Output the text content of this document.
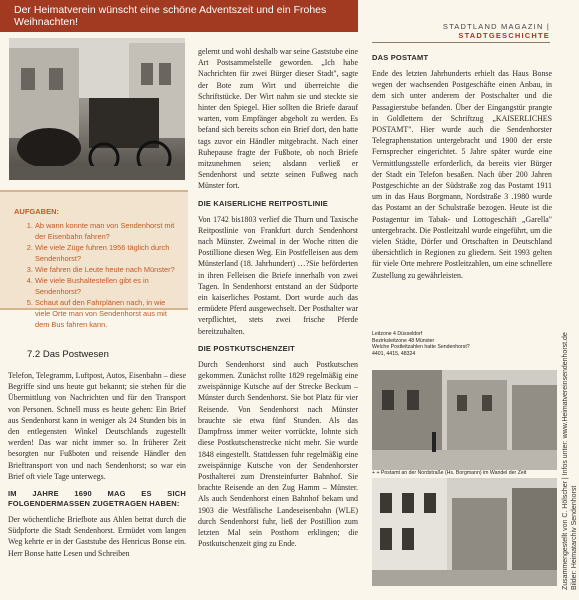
Der Heimatverein wünscht eine schöne Adventszeit und ein Frohes Weihnachten!	STADTLAND MAGAZIN | STADTGESCHICHTE
AUFGABEN:
1. Ab wann konnte man von Sendenhorst mit der Eisenbahn fahren?
2. Wie viele Züge fuhren 1956 täglich durch Sendenhorst?
3. Wie fahren die Leute heute nach Münster?
4. Wie viele Bushaltestellen gibt es in Sendenhorst?
5. Schaut auf den Fahrplänen nach, in wie viele Orte man von Sendenhorst aus mit dem Bus fahren kann.
7.2 Das Postwesen

Telefon, Telegramm, Luftpost, Autos, Eisenbahn – diese Begriffe sind uns heute gut bekannt; sie stehen für die Übermittlung von Nachrichten und für den Transport von Personen. Schnell muss es heute gehen: Ein Brief aus Sendenhorst kann in weniger als 24 Stunden bis in den entlegensten Winkel Deutschlands zugestellt werden! Das war nicht immer so. In früherer Zeit besorgten nur Fußboten und reisende Händler den Brieftransport von und nach Sendenhorst; so war ein Brief oft viele Tage unterwegs.

IM JAHRE 1690 MAG ES SICH FOLGENDERMASSEN ZUGETRAGEN HABEN:

Der wöchentliche Briefbote aus Ahlen betrat durch die Südpforte die Stadt Sendenhorst. Ermüdet vom langen Weg kehrte er in der Gaststube des Henricus Bonse ein. Herr Bonse hatte Lesen und Schreiben

gelernt und wohl deshalb war seine Gaststube eine Art Postsammelstelle geworden. „Ich habe Nachrichten für zwei Bürger dieser Stadt", sagte der Bote zum Wirt und überreichte die Schriftstücke. Der Wirt nahm sie und steckte sie hinter den Spiegel. Hier sollten die Briefe darauf warten, vom Empfänger abgeholt zu werden. Es befand sich bereits schon ein Brief dort, den hatte tags zuvor ein Händler mitgebracht. Nach einer Ruhepause fragte der Fußbote, ob noch Briefe mitzunehmen seien; alsdann verließ er Sendenhorst und setzte seinen Fußweg nach Münster fort.

DIE KAISERLICHE REITPOSTLINIE

Von 1742 bis1803 verlief die Thurn und Taxische Reitpostlinie von Frankfurt durch Sendenhorst nach Münster. Zweimal in der Woche ritten die Postillione diesen Weg. Ein Postfelleisen aus dem Münsterland (18. Jahrhundert) …?Sie beförderten in ihren Felleisen die Briefe innerhalb von zwei Tagen. In Sendenhorst entstand an der Südporte ein kaiserliches Postamt. Dort wurde auch das ermüdete Pferd ausgewechselt. Der Posthalter war verpflichtet, stets zwei frische Pferde bereitzuhalten.

DIE POSTKUTSCHENZEIT

Durch Sendenhorst sind auch Postkutschen gekommen. Zunächst rollte 1829 regelmäßig eine zweispännige Kutsche auf der Strecke Beckum – Münster durch Sendenhorst. Sie bot Platz für vier Reisende. Von Sendenhorst nach Münster brauchte sie etwa fünf Stunden. Als das Dampfross immer weiter vorrückte, lohnte sich diese Postkutschenstrecke nicht mehr. Sie wurde 1848 eingestellt. Stattdessen fuhr regelmäßig eine zweispännige Kutsche von der Sendenhorster Posthalterei zum Drensteinfurter Bahnhof. Sie brachte Reisende an den Zug Hamm – Münster. Als auch Sendenhorst einen Bahnhof bekam und 1903 die Westfälische Landeseisenbahn (WLE) durch Sendenhorst fuhr, ließ der Postillion zum letzten Mal sein Posthorn erklingen; die Postkutschenzeit ging zu Ende.

DAS POSTAMT

Ende des letzten Jahrhunderts erhielt das Haus Bonse wegen der wachsenden Postgeschäfte einen Anbau, in dem sich unter anderem der Postschalter und die Passagierstube befanden. Über der Eingangstür prangte in Goldlettern der Schriftzug „KAISERLICHES POSTAMT". Hier wurde auch die Sendenhorster Telegraphenstation untergebracht und 1900 der erste Fernsprecher eingerichtet. 5 Jahre später wurde eine Vermittlungsstelle erforderlich, da bereits vier Bürger der Stadt ein Telefon besaßen. Nach über 200 Jahren Postgeschichte an der Südstraße zog das Postamt 1911 um in das Haus Borgmann, Nordstraße 3 .1980 wurde das Postamt an der Schulstraße bezogen. Heute ist die Postagentur im Tabak- und Lottogeschäft „Garella" untergebracht. Die Postleitzahl wurde eingeführt, um die vielen Städte, Dörfer und Ortschaften in Deutschland übersichtlich in Regionen zu gliedern. Seit 1993 gelten für viele Orte mehrere Postleitzahlen, um eine schnellere Zustellung zu gewährleisten.

Leitzone 4 Düsseldorf
Bezirksleitzone 48 Münster
Welche Postleitzahlen hatte Sendenhorst?
4401, 4415, 48324
+ + Postamt an der Nordstraße (Hs. Borgmann) im Wandel der Zeit	Zusammengestellt von C. Hölscher | Infos unter: www.Heimatvereinsendenhorst.de Bilder: Heimatarchiv Sendenhorst
